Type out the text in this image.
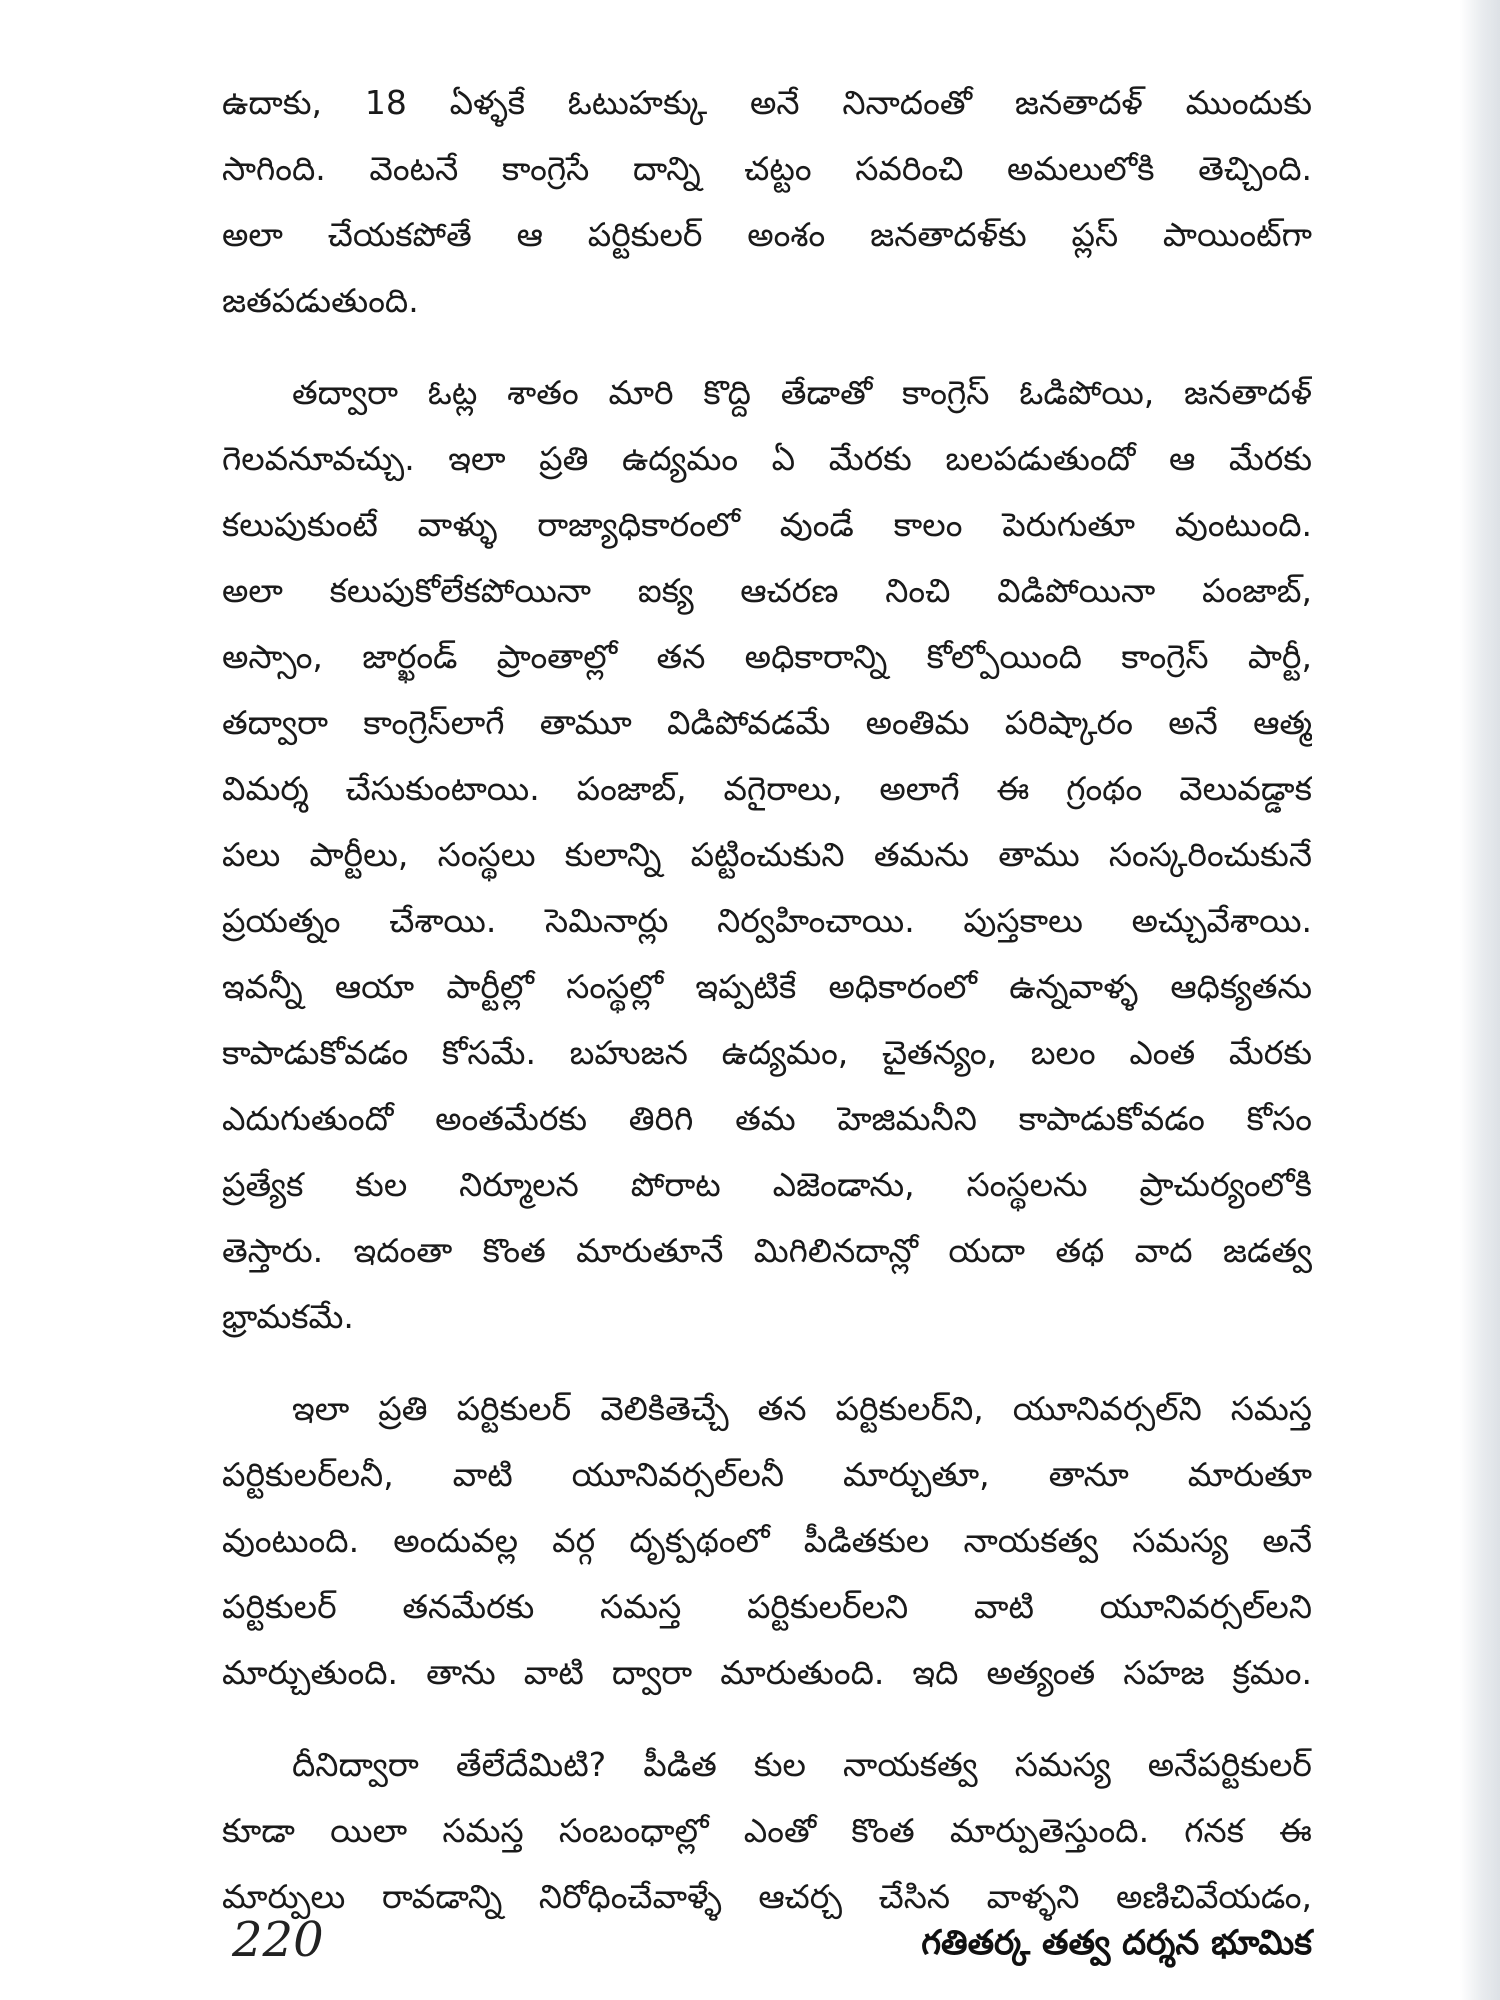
ఉదాకు, 18 ఏళ్ళకే ఓటుహక్కు అనే నినాదంతో జనతాదళ్ ముందుకు
సాగింది. వెంటనే కాంగ్రెసే దాన్ని చట్టం సవరించి అమలులోకి తెచ్చింది.
అలా చేయకపోతే ఆ పర్టికులర్ అంశం జనతాదళ్‌కు ప్లస్ పాయింట్‌గా
జతపడుతుంది.
తద్వారా ఓట్ల శాతం మారి కొద్ది తేడాతో కాంగ్రెస్ ఓడిపోయి, జనతాదళ్
గెలవనూవచ్చు. ఇలా ప్రతి ఉద్యమం ఏ మేరకు బలపడుతుందో ఆ మేరకు
కలుపుకుంటే వాళ్ళు రాజ్యాధికారంలో వుండే కాలం పెరుగుతూ వుంటుంది.
అలా కలుపుకోలేకపోయినా ఐక్య ఆచరణ నించి విడిపోయినా పంజాబ్,
అస్సాం, జార్ఖండ్ ప్రాంతాల్లో తన అధికారాన్ని కోల్పోయింది కాంగ్రెస్ పార్టీ,
తద్వారా కాంగ్రెస్‌లాగే తామూ విడిపోవడమే అంతిమ పరిష్కారం అనే ఆత్మ
విమర్శ చేసుకుంటాయి. పంజాబ్, వగైరాలు, అలాగే ఈ గ్రంథం వెలువడ్డాక
పలు పార్టీలు, సంస్థలు కులాన్ని పట్టించుకుని తమను తాము సంస్కరించుకునే
ప్రయత్నం చేశాయి. సెమినార్లు నిర్వహించాయి. పుస్తకాలు అచ్చువేశాయి.
ఇవన్నీ ఆయా పార్టీల్లో సంస్థల్లో ఇప్పటికే అధికారంలో ఉన్నవాళ్ళ ఆధిక్యతను
కాపాడుకోవడం కోసమే. బహుజన ఉద్యమం, చైతన్యం, బలం ఎంత మేరకు
ఎదుగుతుందో అంతమేరకు తిరిగి తమ హెజిమనీని కాపాడుకోవడం కోసం
ప్రత్యేక కుల నిర్మూలన పోరాట ఎజెండాను, సంస్థలను ప్రాచుర్యంలోకి
తెస్తారు. ఇదంతా కొంత మారుతూనే మిగిలినదాన్లో యదా తథ వాద జడత్వ
భ్రామకమే.
ఇలా ప్రతి పర్టికులర్ వెలికితెచ్చే తన పర్టికులర్‌ని, యూనివర్సల్‌ని సమస్త
పర్టికులర్‌లనీ, వాటి యూనివర్సల్‌లనీ మార్చుతూ, తానూ మారుతూ
వుంటుంది. అందువల్ల వర్గ దృక్పథంలో పీడితకుల నాయకత్వ సమస్య అనే
పర్టికులర్ తనమేరకు సమస్త పర్టికులర్‌లని వాటి యూనివర్సల్‌లని
మార్చుతుంది. తాను వాటి ద్వారా మారుతుంది. ఇది అత్యంత సహజ క్రమం.
దీనిద్వారా తేలేదేమిటి? పీడిత కుల నాయకత్వ సమస్య అనేపర్టికులర్
కూడా యిలా సమస్త సంబంధాల్లో ఎంతో కొంత మార్పుతెస్తుంది. గనక ఈ
మార్పులు రావడాన్ని నిరోధించేవాళ్ళే ఆచర్చ చేసిన వాళ్ళని అణిచివేయడం,
220	గతితర్క తత్వ దర్శన భూమిక
